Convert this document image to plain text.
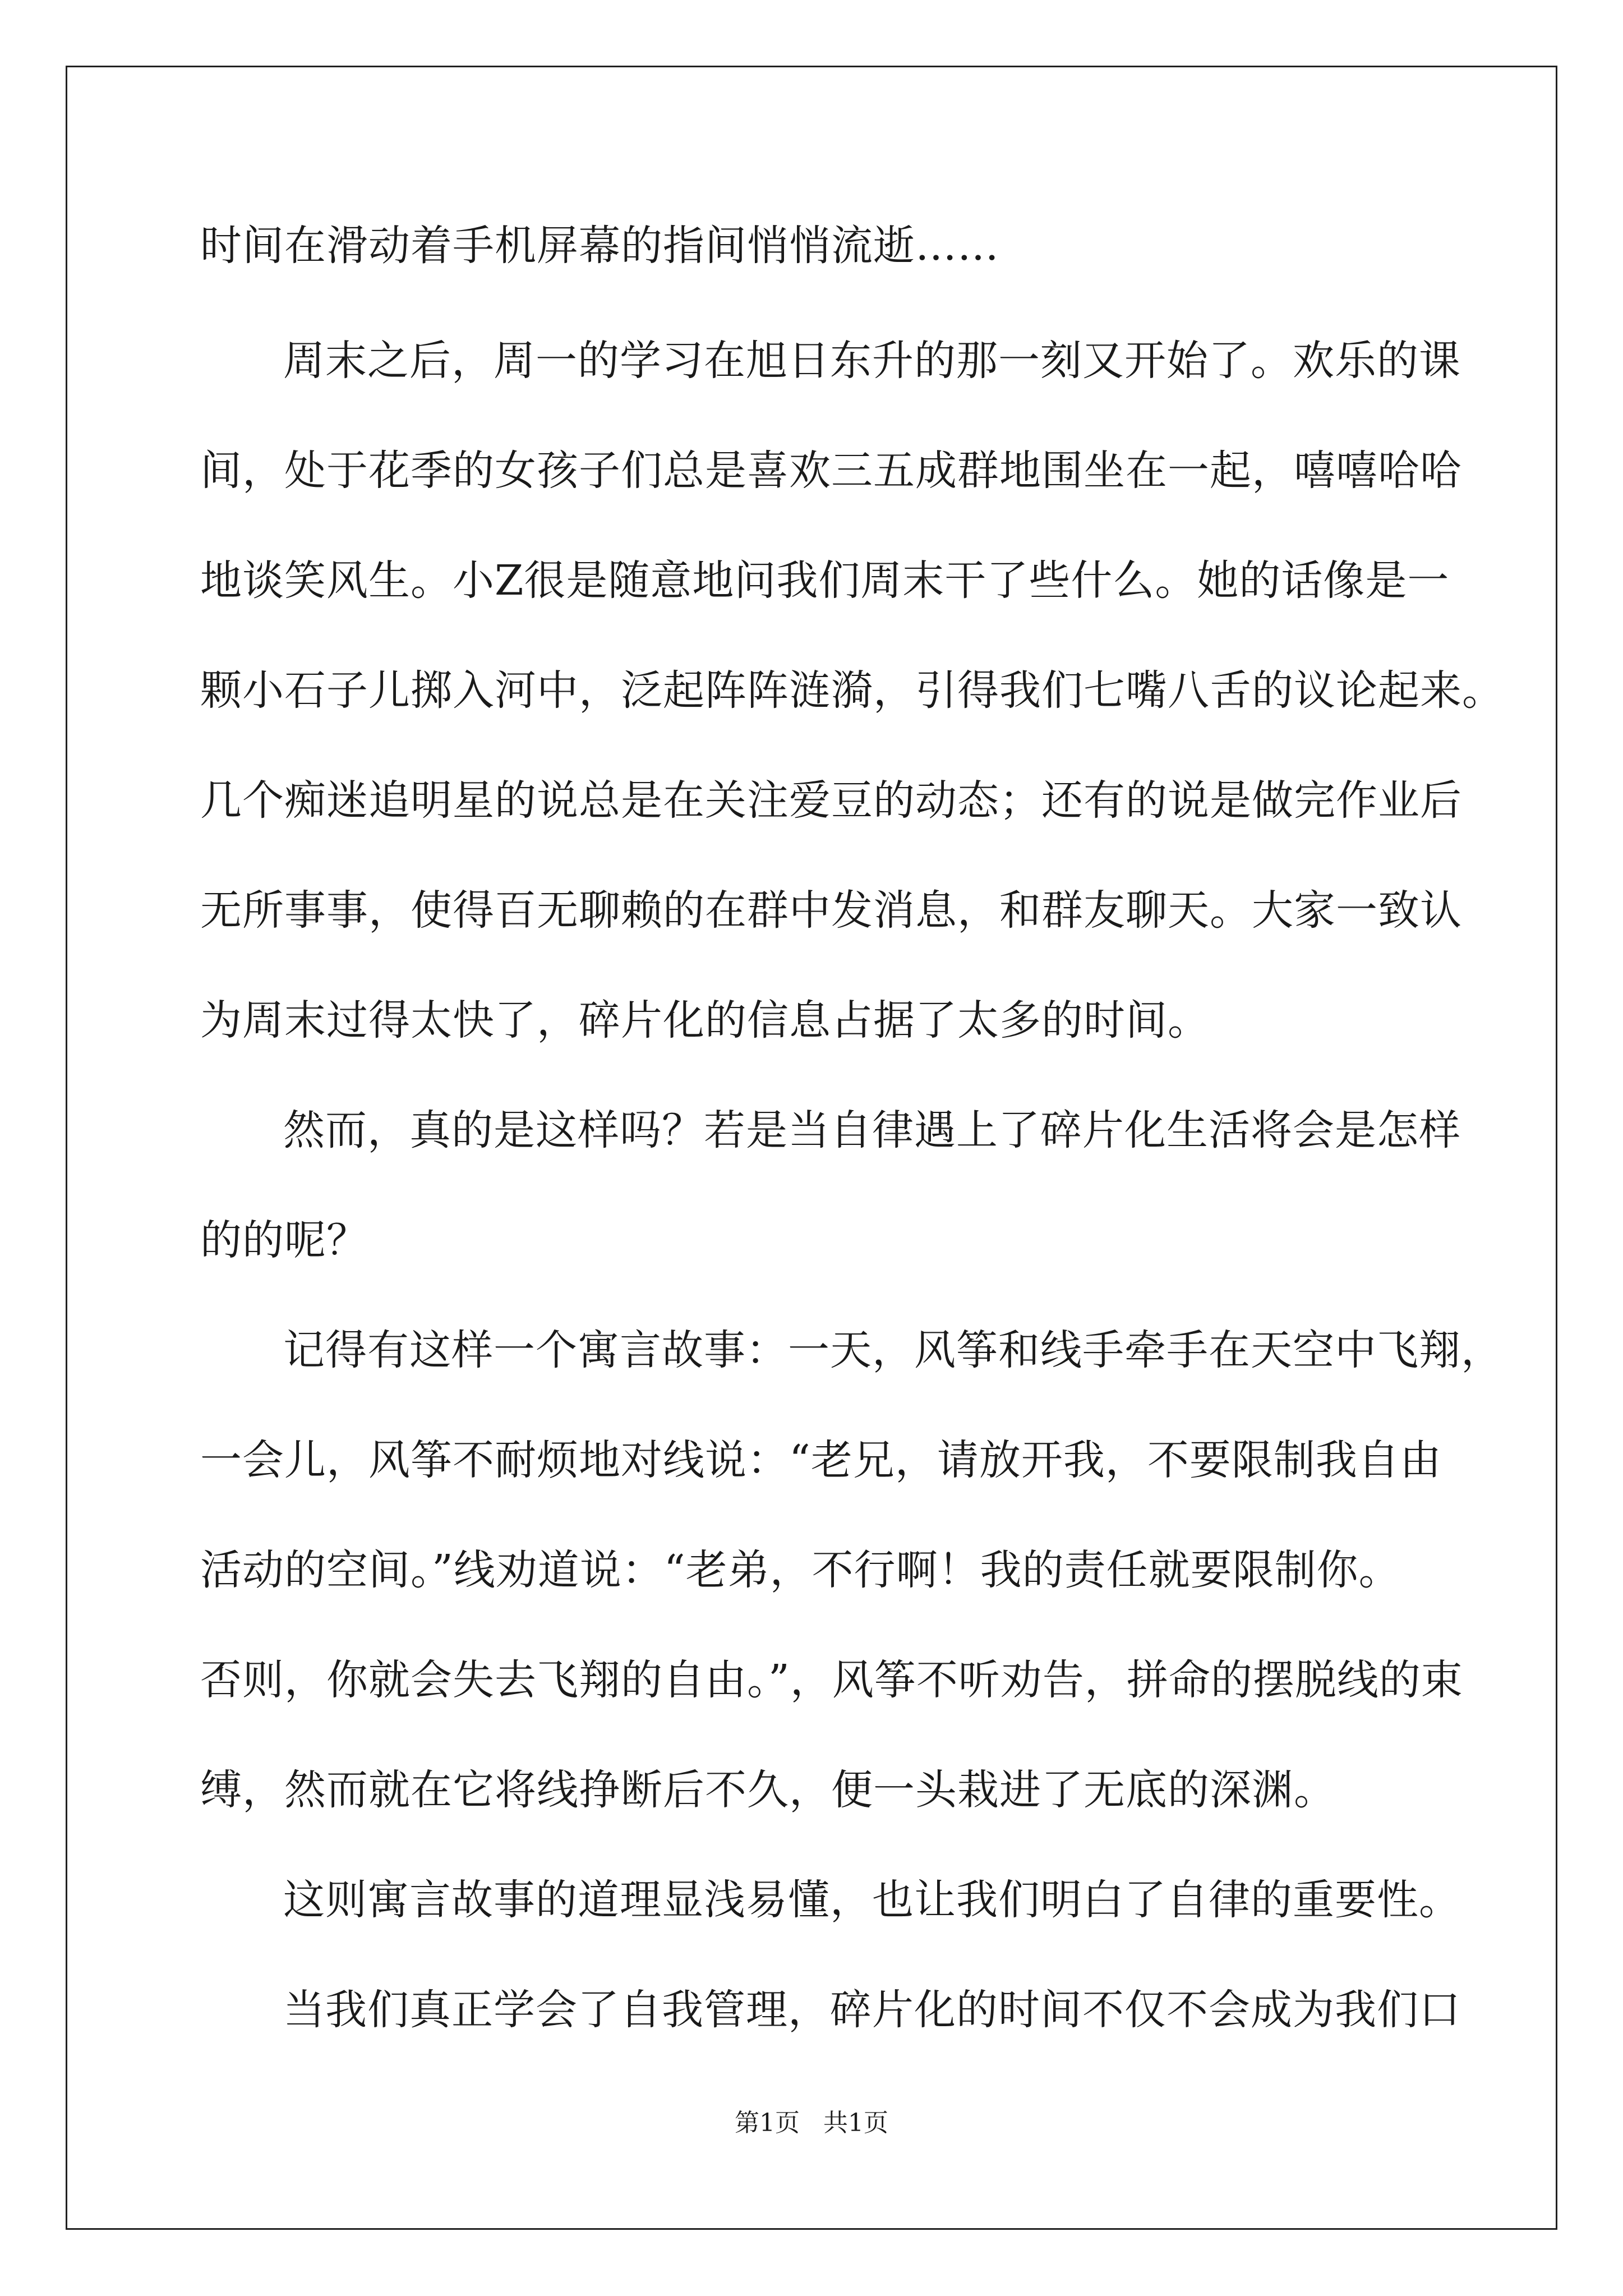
时间在滑动着手机屏幕的指间悄悄流逝……
周末之后，周一的学习在旭日东升的那一刻又开始了。欢乐的课
间，处于花季的女孩子们总是喜欢三五成群地围坐在一起，嘻嘻哈哈
地谈笑风生。小Z很是随意地问我们周末干了些什么。她的话像是一
颗小石子儿掷入河中，泛起阵阵涟漪，引得我们七嘴八舌的议论起来。
几个痴迷追明星的说总是在关注爱豆的动态；还有的说是做完作业后
无所事事，使得百无聊赖的在群中发消息，和群友聊天。大家一致认
为周末过得太快了，碎片化的信息占据了太多的时间。
然而，真的是这样吗？若是当自律遇上了碎片化生活将会是怎样
的的呢？
记得有这样一个寓言故事：一天，风筝和线手牵手在天空中飞翔，
一会儿，风筝不耐烦地对线说：“老兄，请放开我，不要限制我自由
活动的空间。”线劝道说：“老弟，不行啊！我的责任就要限制你。
否则，你就会失去飞翔的自由。”，风筝不听劝告，拼命的摆脱线的束
缚，然而就在它将线挣断后不久，便一头栽进了无底的深渊。
这则寓言故事的道理显浅易懂，也让我们明白了自律的重要性。
当我们真正学会了自我管理，碎片化的时间不仅不会成为我们口
第1页 共1页
